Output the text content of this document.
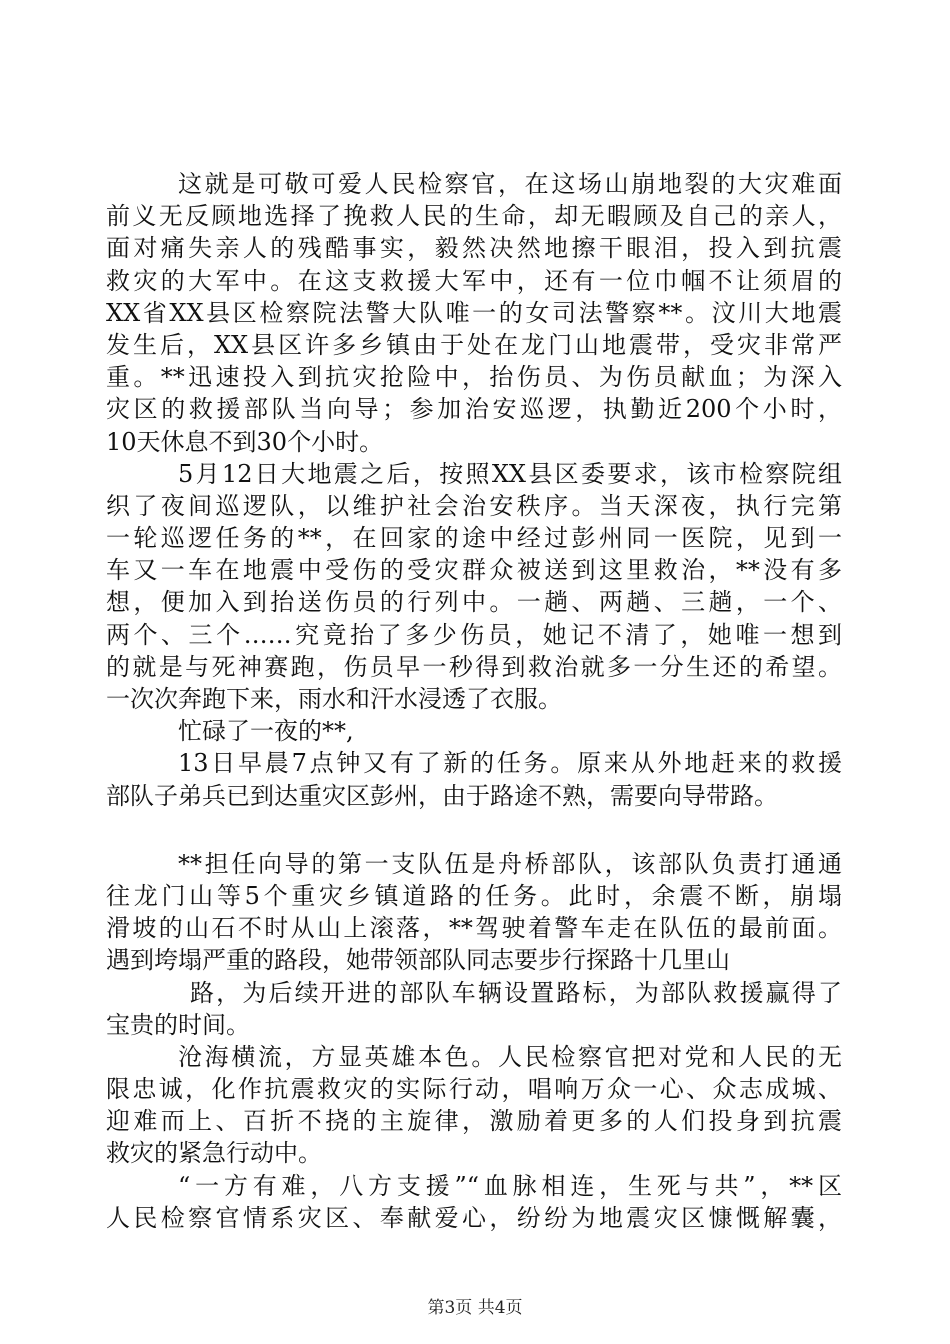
这就是可敬可爱人民检察官，在这场山崩地裂的大灾难面
前义无反顾地选择了挽救人民的生命，却无暇顾及自己的亲人，
面对痛失亲人的残酷事实，毅然决然地擦干眼泪，投入到抗震
救灾的大军中。在这支救援大军中，还有一位巾帼不让须眉的
XX省XX县区检察院法警大队唯一的女司法警察**。汶川大地震
发生后，XX县区许多乡镇由于处在龙门山地震带，受灾非常严
重。**迅速投入到抗灾抢险中，抬伤员、为伤员献血；为深入
灾区的救援部队当向导；参加治安巡逻，执勤近200个小时，
10天休息不到30个小时。
5月12日大地震之后，按照XX县区委要求，该市检察院组
织了夜间巡逻队，以维护社会治安秩序。当天深夜，执行完第
一轮巡逻任务的**，在回家的途中经过彭州同一医院，见到一
车又一车在地震中受伤的受灾群众被送到这里救治，**没有多
想，便加入到抬送伤员的行列中。一趟、两趟、三趟，一个、
两个、三个……究竟抬了多少伤员，她记不清了，她唯一想到
的就是与死神赛跑，伤员早一秒得到救治就多一分生还的希望。
一次次奔跑下来，雨水和汗水浸透了衣服。
忙碌了一夜的**,
13日早晨7点钟又有了新的任务。原来从外地赶来的救援
部队子弟兵已到达重灾区彭州，由于路途不熟，需要向导带路。
**担任向导的第一支队伍是舟桥部队，该部队负责打通通
往龙门山等5个重灾乡镇道路的任务。此时，余震不断，崩塌
滑坡的山石不时从山上滚落，**驾驶着警车走在队伍的最前面。
遇到垮塌严重的路段，她带领部队同志要步行探路十几里山
路，为后续开进的部队车辆设置路标，为部队救援赢得了
宝贵的时间。
沧海横流，方显英雄本色。人民检察官把对党和人民的无
限忠诚，化作抗震救灾的实际行动，唱响万众一心、众志成城、
迎难而上、百折不挠的主旋律，激励着更多的人们投身到抗震
救灾的紧急行动中。
“一方有难，八方支援”“血脉相连，生死与共”，**区
人民检察官情系灾区、奉献爱心，纷纷为地震灾区慷慨解囊，
第3页 共4页
